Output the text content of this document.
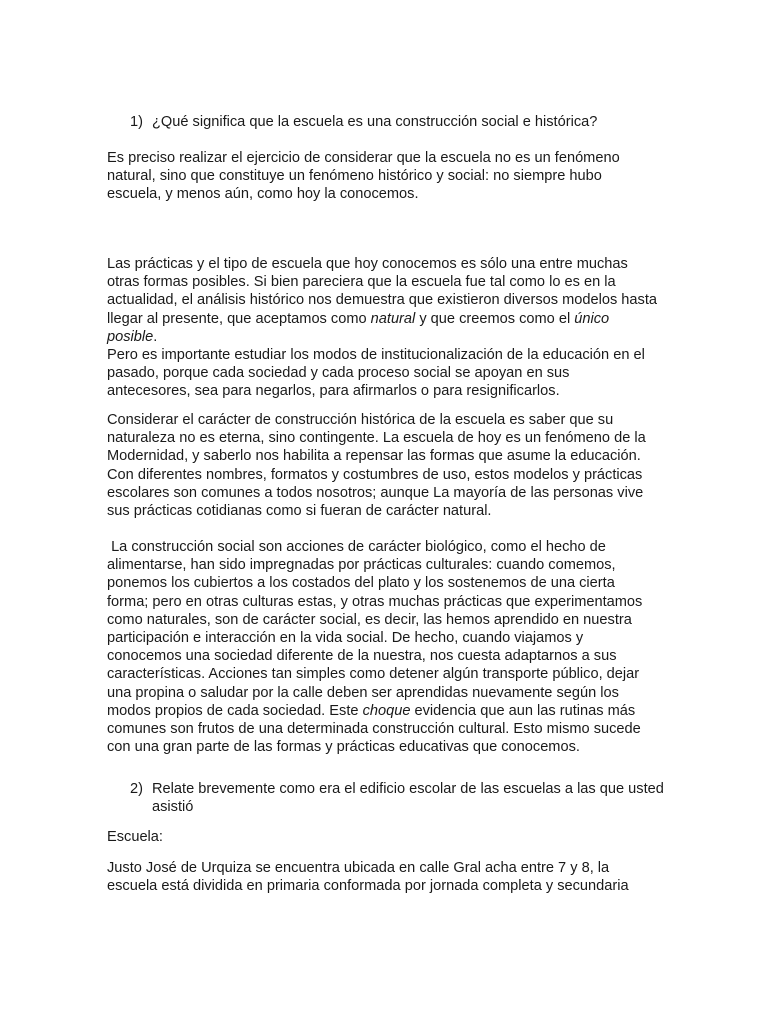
1) ¿Qué significa que la escuela es una construcción social e histórica?

Es preciso realizar el ejercicio de considerar que la escuela no es un fenómeno natural, sino que constituye un fenómeno histórico y social: no siempre hubo escuela, y menos aún, como hoy la conocemos.

Las prácticas y el tipo de escuela que hoy conocemos es sólo una entre muchas otras formas posibles. Si bien pareciera que la escuela fue tal como lo es en la actualidad, el análisis histórico nos demuestra que existieron diversos modelos hasta llegar al presente, que aceptamos como natural y que creemos como el único posible.

Pero es importante estudiar los modos de institucionalización de la educación en el pasado, porque cada sociedad y cada proceso social se apoyan en sus antecesores, sea para negarlos, para afirmarlos o para resignificarlos.

Considerar el carácter de construcción histórica de la escuela es saber que su naturaleza no es eterna, sino contingente. La escuela de hoy es un fenómeno de la Modernidad, y saberlo nos habilita a repensar las formas que asume la educación. Con diferentes nombres, formatos y costumbres de uso, estos modelos y prácticas escolares son comunes a todos nosotros; aunque La mayoría de las personas vive sus prácticas cotidianas como si fueran de carácter natural.

La construcción social son acciones de carácter biológico, como el hecho de alimentarse, han sido impregnadas por prácticas culturales: cuando comemos, ponemos los cubiertos a los costados del plato y los sostenemos de una cierta forma; pero en otras culturas estas, y otras muchas prácticas que experimentamos como naturales, son de carácter social, es decir, las hemos aprendido en nuestra participación e interacción en la vida social. De hecho, cuando viajamos y conocemos una sociedad diferente de la nuestra, nos cuesta adaptarnos a sus características. Acciones tan simples como detener algún transporte público, dejar una propina o saludar por la calle deben ser aprendidas nuevamente según los modos propios de cada sociedad. Este choque evidencia que aun las rutinas más comunes son frutos de una determinada construcción cultural. Esto mismo sucede con una gran parte de las formas y prácticas educativas que conocemos.

2) Relate brevemente como era el edificio escolar de las escuelas a las que usted asistió

Escuela:

Justo José de Urquiza se encuentra ubicada en calle Gral acha entre 7 y 8, la escuela está dividida en primaria conformada por jornada completa y secundaria
